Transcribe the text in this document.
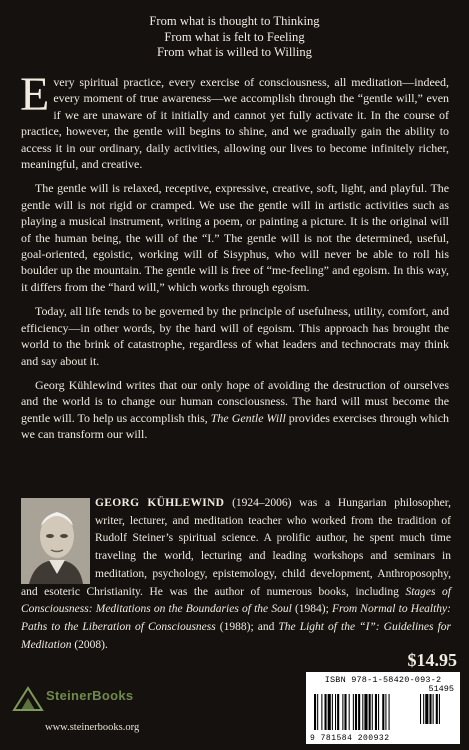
From what is thought to Thinking
From what is felt to Feeling
From what is willed to Willing

Every spiritual practice, every exercise of consciousness, all meditation—indeed, every moment of true awareness—we accomplish through the “gentle will,” even if we are unaware of it initially and cannot yet fully activate it. In the course of practice, however, the gentle will begins to shine, and we gradually gain the ability to access it in our ordinary, daily activities, allowing our lives to become infinitely richer, meaningful, and creative.

The gentle will is relaxed, receptive, expressive, creative, soft, light, and playful. The gentle will is not rigid or cramped. We use the gentle will in artistic activities such as playing a musical instrument, writing a poem, or painting a picture. It is the original will of the human being, the will of the “I.” The gentle will is not the determined, useful, goal-oriented, egoistic, working will of Sisyphus, who will never be able to roll his boulder up the mountain. The gentle will is free of “me-feeling” and egoism. In this way, it differs from the “hard will,” which works through egoism.

Today, all life tends to be governed by the principle of usefulness, utility, comfort, and efficiency—in other words, by the hard will of egoism. This approach has brought the world to the brink of catastrophe, regardless of what leaders and technocrats may think and say about it.

Georg Kühlewind writes that our only hope of avoiding the destruction of ourselves and the world is to change our human consciousness. The hard will must become the gentle will. To help us accomplish this, The Gentle Will provides exercises through which we can transform our will.

GEORG KÜHLEWIND (1924–2006) was a Hungarian philosopher, writer, lecturer, and meditation teacher who worked from the tradition of Rudolf Steiner’s spiritual science. A prolific author, he spent much time traveling the world, lecturing and leading workshops and seminars in meditation, psychology, epistemology, child development, Anthroposophy, and esoteric Christianity. He was the author of numerous books, including Stages of Consciousness: Meditations on the Boundaries of the Soul (1984); From Normal to Healthy: Paths to the Liberation of Consciousness (1988); and The Light of the “I”: Guidelines for Meditation (2008).
$14.95
ISBN 978-1-58420-093-2
51495
9 781584 200932
SteinerBooks
www.steinerbooks.org
